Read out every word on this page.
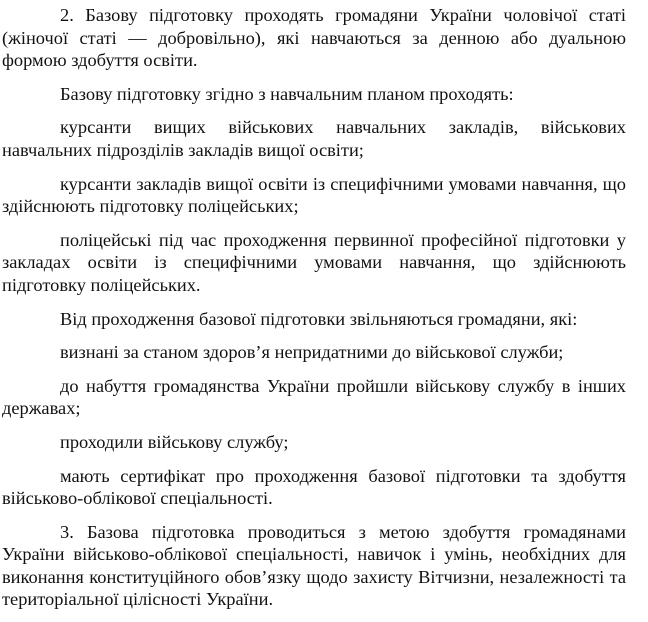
2. Базову підготовку проходять громадяни України чоловічої статі (жіночої статі — добровільно), які навчаються за денною або дуальною формою здобуття освіти.

Базову підготовку згідно з навчальним планом проходять:

курсанти вищих військових навчальних закладів, військових навчальних підрозділів закладів вищої освіти;

курсанти закладів вищої освіти із специфічними умовами навчання, що здійснюють підготовку поліцейських;

поліцейські під час проходження первинної професійної підготовки у закладах освіти із специфічними умовами навчання, що здійснюють підготовку поліцейських.

Від проходження базової підготовки звільняються громадяни, які:

визнані за станом здоров’я непридатними до військової служби;

до набуття громадянства України пройшли військову службу в інших державах;

проходили військову службу;

мають сертифікат про проходження базової підготовки та здобуття військово-облікової спеціальності.

3. Базова підготовка проводиться з метою здобуття громадянами України військово-облікової спеціальності, навичок і умінь, необхідних для виконання конституційного обов’язку щодо захисту Вітчизни, незалежності та територіальної цілісності України.
